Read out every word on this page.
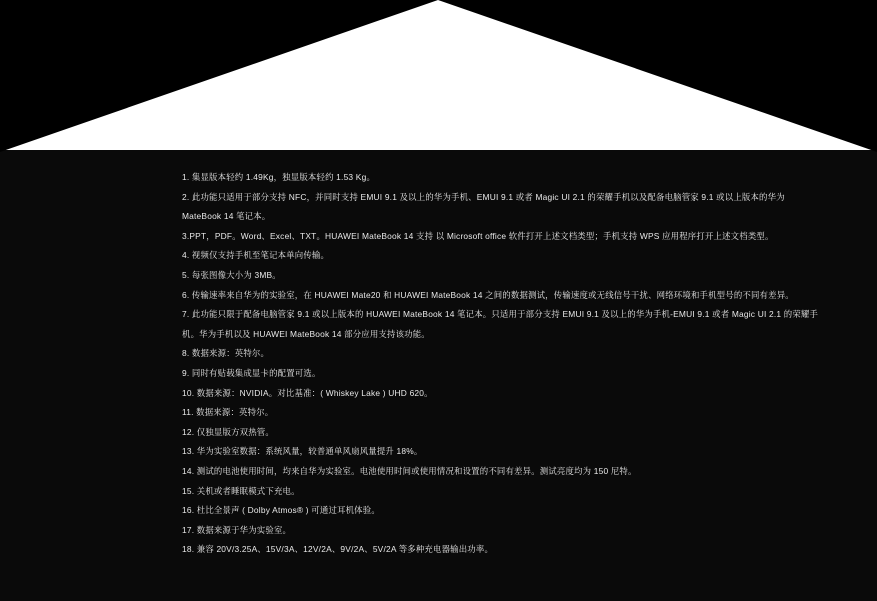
1. 集显版本轻约 1.49Kg，独显版本轻约 1.53 Kg。
2. 此功能只适用于部分支持 NFC，并同时支持 EMUI 9.1 及以上的华为手机、EMUI 9.1 或者 Magic UI 2.1 的荣耀手机以及配备电脑管家 9.1 或以上版本的华为 MateBook 14 笔记本。
3.PPT，PDF。Word、Excel、TXT。HUAWEI MateBook 14 支持 以 Microsoft office 软件打开上述文档类型；手机支持 WPS 应用程序打开上述文档类型。
4. 视频仅支持手机至笔记本单向传输。
5. 每张图像大小为 3MB。
6. 传输速率来自华为的实验室，在 HUAWEI Mate20 和 HUAWEI MateBook 14 之间的数据测试，传输速度或无线信号干扰、网络环境和手机型号的不同有差异。
7. 此功能只限于配备电脑管家 9.1 或以上版本的 HUAWEI MateBook 14 笔记本。只适用于部分支持 EMUI 9.1 及以上的华为手机-EMUI 9.1 或者 Magic UI 2.1 的荣耀手机。华为手机以及 HUAWEI MateBook 14 部分应用支持该功能。
8. 数据来源：英特尔。
9. 同时有贴载集成显卡的配置可选。
10. 数据来源：NVIDIA。对比基准：( Whiskey Lake ) UHD 620。
11. 数据来源：英特尔。
12. 仅独显版方双热管。
13. 华为实验室数据：系统风量，较普通单风扇风量提升 18%。
14. 测试的电池使用时间，均来自华为实验室。电池使用时间或使用情况和设置的不同有差异。测试亮度均为 150 尼特。
15. 关机或者睡眠模式下充电。
16. 杜比全景声 ( Dolby Atmos® ) 可通过耳机体验。
17. 数据来源于华为实验室。
18. 兼容 20V/3.25A、15V/3A、12V/2A、9V/2A、5V/2A 等多种充电器输出功率。
